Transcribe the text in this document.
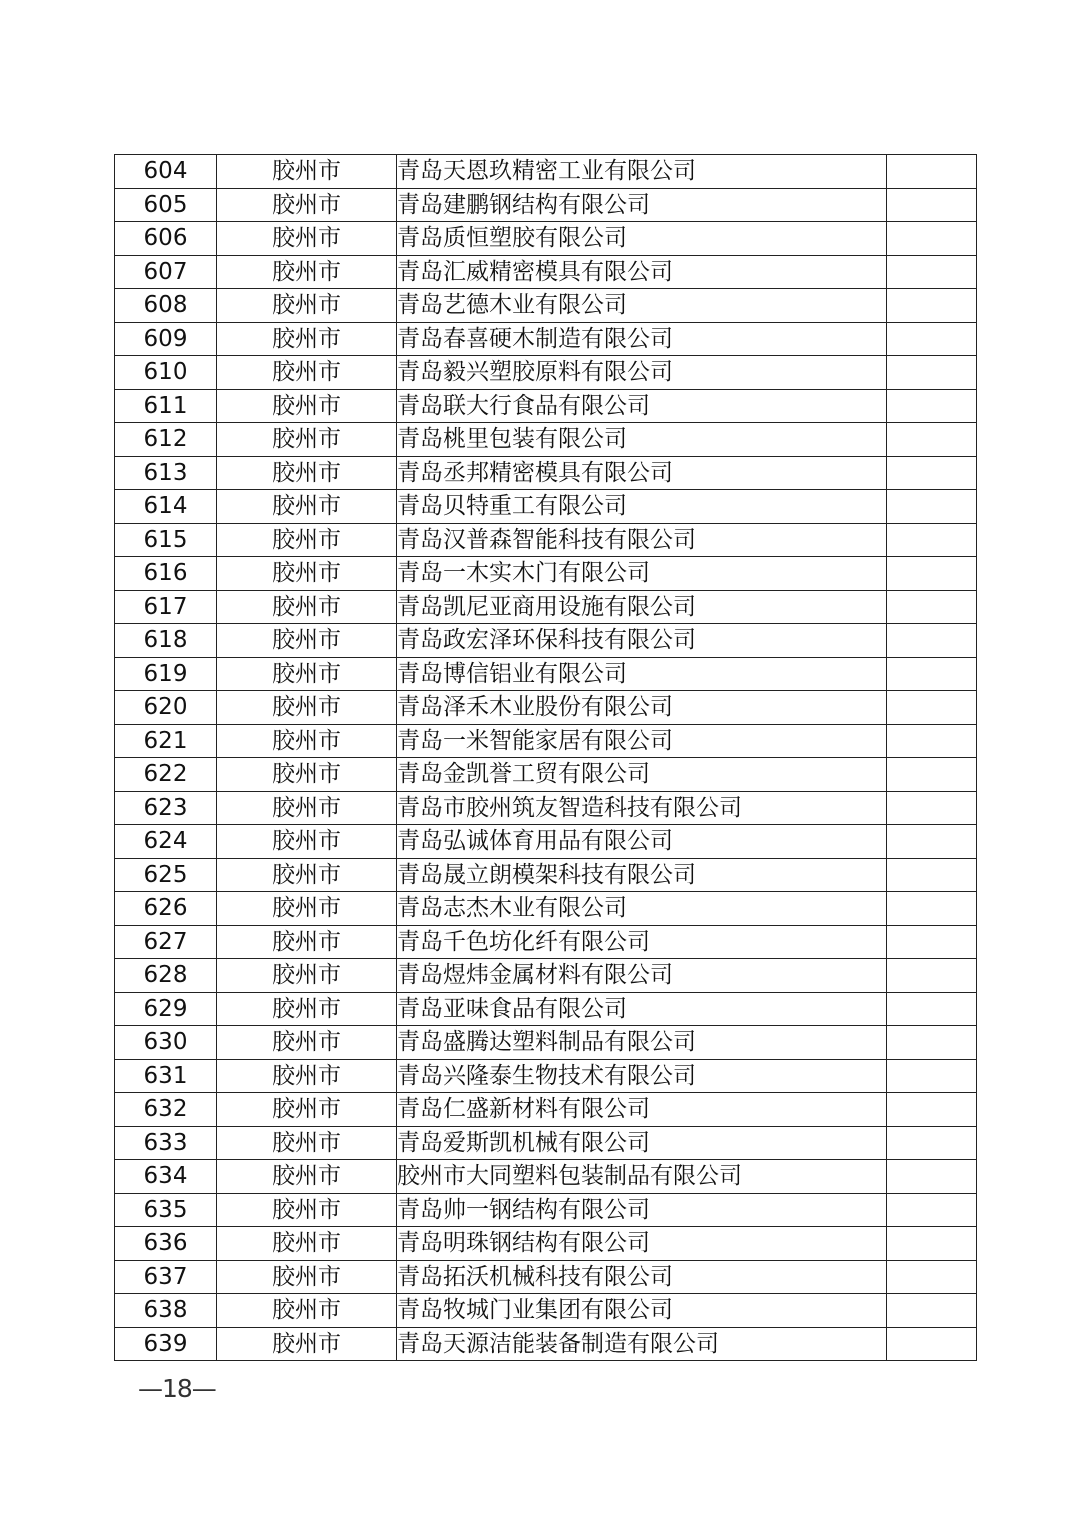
604	胶州市	青岛天恩玖精密工业有限公司	
605	胶州市	青岛建鹏钢结构有限公司	
606	胶州市	青岛质恒塑胶有限公司	
607	胶州市	青岛汇威精密模具有限公司	
608	胶州市	青岛艺德木业有限公司	
609	胶州市	青岛春喜硬木制造有限公司	
610	胶州市	青岛毅兴塑胶原料有限公司	
611	胶州市	青岛联大行食品有限公司	
612	胶州市	青岛桃里包装有限公司	
613	胶州市	青岛丞邦精密模具有限公司	
614	胶州市	青岛贝特重工有限公司	
615	胶州市	青岛汉普森智能科技有限公司	
616	胶州市	青岛一木实木门有限公司	
617	胶州市	青岛凯尼亚商用设施有限公司	
618	胶州市	青岛政宏泽环保科技有限公司	
619	胶州市	青岛博信铝业有限公司	
620	胶州市	青岛泽禾木业股份有限公司	
621	胶州市	青岛一米智能家居有限公司	
622	胶州市	青岛金凯誉工贸有限公司	
623	胶州市	青岛市胶州筑友智造科技有限公司	
624	胶州市	青岛弘诚体育用品有限公司	
625	胶州市	青岛晟立朗模架科技有限公司	
626	胶州市	青岛志杰木业有限公司	
627	胶州市	青岛千色坊化纤有限公司	
628	胶州市	青岛煜炜金属材料有限公司	
629	胶州市	青岛亚味食品有限公司	
630	胶州市	青岛盛腾达塑料制品有限公司	
631	胶州市	青岛兴隆泰生物技术有限公司	
632	胶州市	青岛仁盛新材料有限公司	
633	胶州市	青岛爱斯凯机械有限公司	
634	胶州市	胶州市大同塑料包装制品有限公司	
635	胶州市	青岛帅一钢结构有限公司	
636	胶州市	青岛明珠钢结构有限公司	
637	胶州市	青岛拓沃机械科技有限公司	
638	胶州市	青岛牧城门业集团有限公司	
639	胶州市	青岛天源洁能装备制造有限公司	
—18—
